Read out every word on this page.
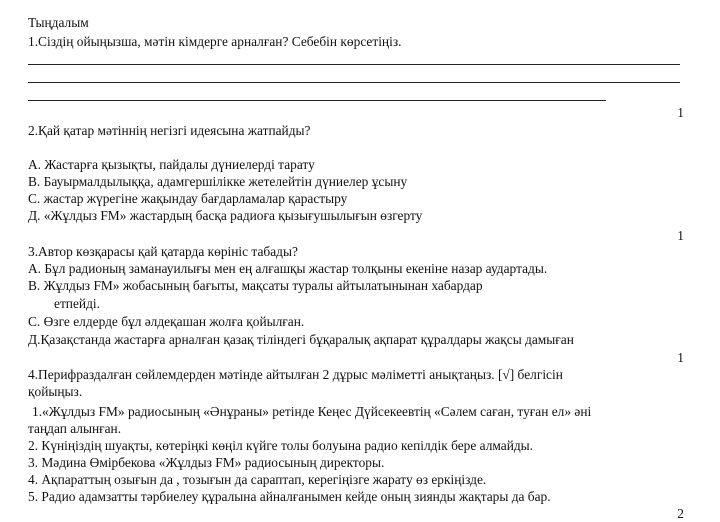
Тыңдалым
1.Сіздің ойыңызша, мәтін кімдерге арналған? Себебін көрсетіңіз.
1
2.Қай қатар мәтіннің негізгі идеясына жатпайды?
А. Жастарға қызықты, пайдалы дүниелерді тарату
В. Бауырмалдылыққа, адамгершілікке жетелейтін дүниелер ұсыну
С. жастар жүрегіне жақындау бағдарламалар қарастыру
Д. «Жұлдыз FM» жастардың басқа радиоға қызығушылығын өзгерту
1
3.Автор көзқарасы қай қатарда көрініс табады?
А. Бұл радионың заманауилығы мен ең алғашқы жастар толқыны екеніне назар аудартады.
В. Жұлдыз FM» жобасының бағыты, мақсаты туралы айтылатынынан хабардар
етпейді.
С. Өзге елдерде бұл әлдеқашан жолға қойылған.
Д.Қазақстанда жастарға арналған қазақ тіліндегі бұқаралық ақпарат құралдары жақсы дамыған
1
4.Перифраздалған сөйлемдерден мәтінде айтылған 2 дұрыс мәліметті анықтаңыз. [√] белгісін
қойыңыз.
1.«Жұлдыз FM» радиосының «Әнұраны» ретінде Кеңес Дүйсекеевтің «Сәлем саған, туған ел» әні
таңдап алынған.
2. Күніңіздің шуақты, көтеріңкі көңіл күйге толы болуына радио кепілдік бере алмайды.
3. Мәдина Өмірбекова «Жұлдыз FM» радиосының директоры.
4. Ақпараттың озығын да , тозығын да сараптап, керегіңізге жарату өз еркіңізде.
5. Радио адамзатты тәрбиелеу құралына айналғанымен кейде оның зиянды жақтары да бар.
2
